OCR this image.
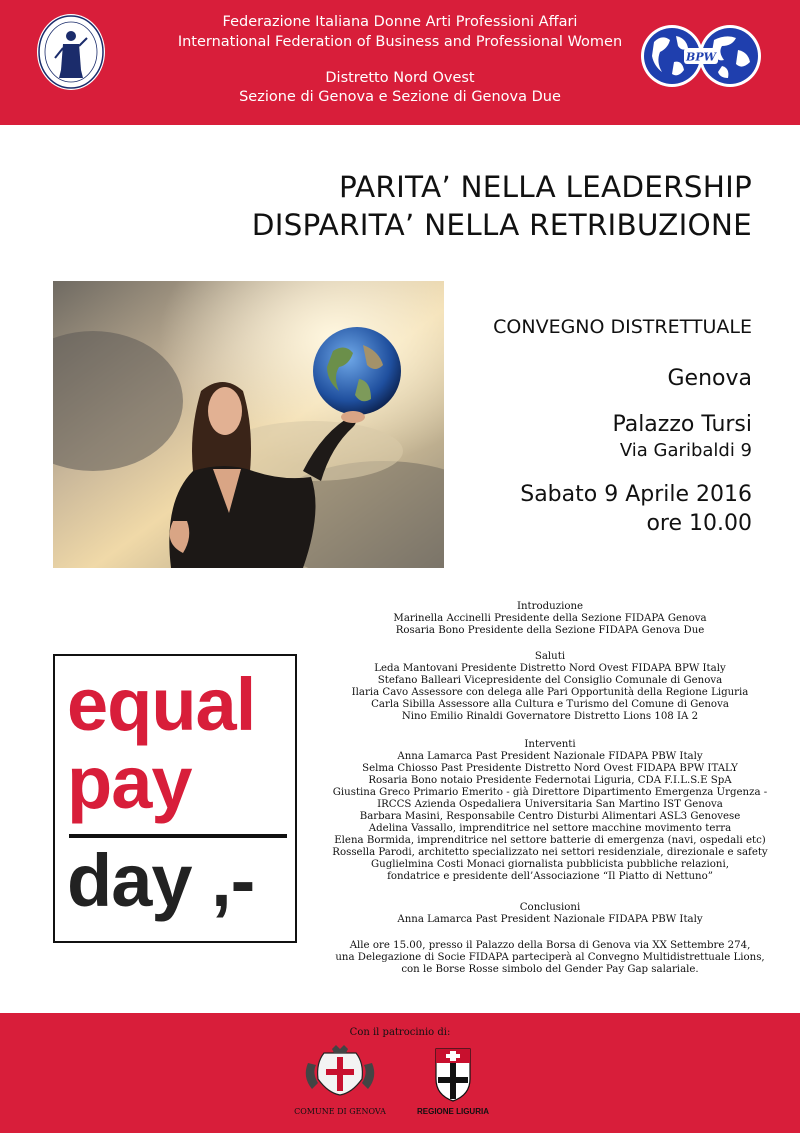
Federazione Italiana Donne Arti Professioni Affari
International Federation of Business and Professional Women
Distretto Nord Ovest
Sezione di Genova e Sezione di Genova Due
BPW
PARITA’ NELLA LEADERSHIP
DISPARITA’ NELLA RETRIBUZIONE
CONVEGNO DISTRETTUALE
Genova
Palazzo Tursi
Via Garibaldi 9
Sabato 9 Aprile 2016
ore 10.00
equal
pay
day ,-
Introduzione
Marinella Accinelli Presidente della Sezione FIDAPA Genova
Rosaria Bono Presidente della Sezione FIDAPA Genova Due
Saluti
Leda Mantovani Presidente Distretto Nord Ovest FIDAPA BPW Italy
Stefano Balleari Vicepresidente del Consiglio Comunale di Genova
Ilaria Cavo Assessore con delega alle Pari Opportunità della Regione Liguria
Carla Sibilla Assessore alla Cultura e Turismo del Comune di Genova
Nino Emilio Rinaldi Governatore Distretto Lions 108 IA 2
Interventi
Anna Lamarca Past President Nazionale FIDAPA PBW Italy
Selma Chiosso Past Presidente Distretto Nord Ovest FIDAPA BPW ITALY
Rosaria Bono notaio Presidente Federnotai Liguria, CDA F.I.L.S.E SpA
Giustina Greco Primario Emerito - già Direttore Dipartimento Emergenza Urgenza -
IRCCS Azienda Ospedaliera Universitaria San Martino IST Genova
Barbara Masini, Responsabile Centro Disturbi Alimentari ASL3 Genovese
Adelina Vassallo, imprenditrice nel settore macchine movimento terra
Elena Bormida, imprenditrice nel settore batterie di emergenza (navi, ospedali etc)
Rossella Parodi, architetto specializzato nei settori residenziale, direzionale e safety
Guglielmina Costi Monaci giornalista pubblicista pubbliche relazioni,
fondatrice e presidente dell’Associazione “Il Piatto di Nettuno”
Conclusioni
Anna Lamarca Past President Nazionale FIDAPA PBW Italy
Alle ore 15.00, presso il Palazzo della Borsa di Genova via XX Settembre 274,
una Delegazione di Socie FIDAPA parteciperà al Convegno Multidistrettuale Lions,
con le Borse Rosse simbolo del Gender Pay Gap salariale.
Con il patrocinio di:
COMUNE DI GENOVA	REGIONE LIGURIA
